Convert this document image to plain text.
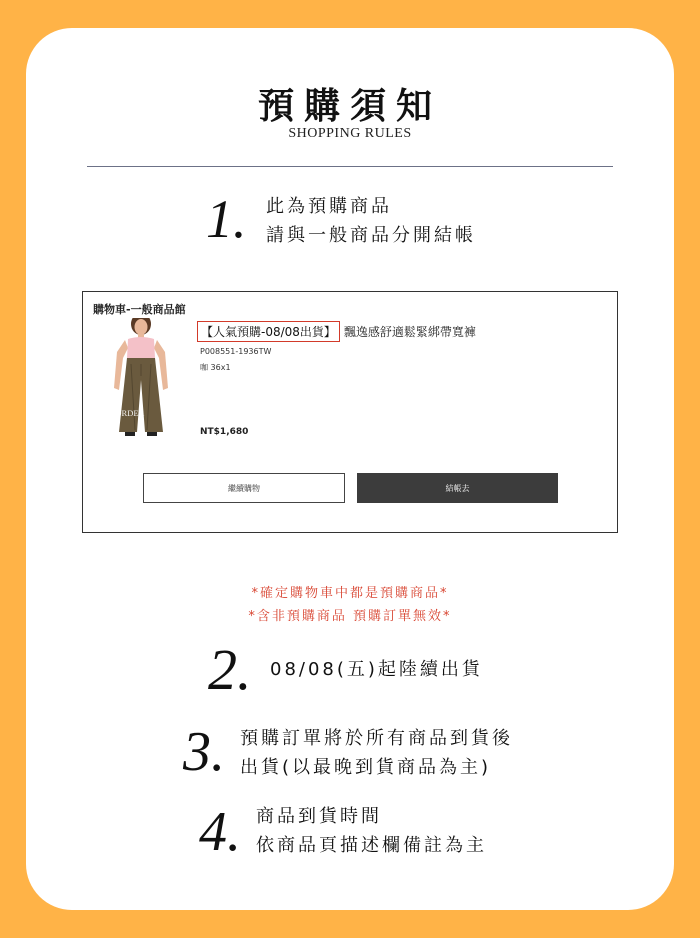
預購須知
SHOPPING RULES
1. 此為預購商品
請與一般商品分開結帳
購物車-一般商品館
PRE-ORDER
【人氣預購-08/08出貨】 飄逸感舒適鬆緊綁帶寬褲
P008551-1936TW
咖 36x1
NT$1,680
繼續購物	結帳去
*確定購物車中都是預購商品*
*含非預購商品 預購訂單無效*
2. 08/08(五)起陸續出貨
3. 預購訂單將於所有商品到貨後
出貨(以最晚到貨商品為主)
4. 商品到貨時間
依商品頁描述欄備註為主
